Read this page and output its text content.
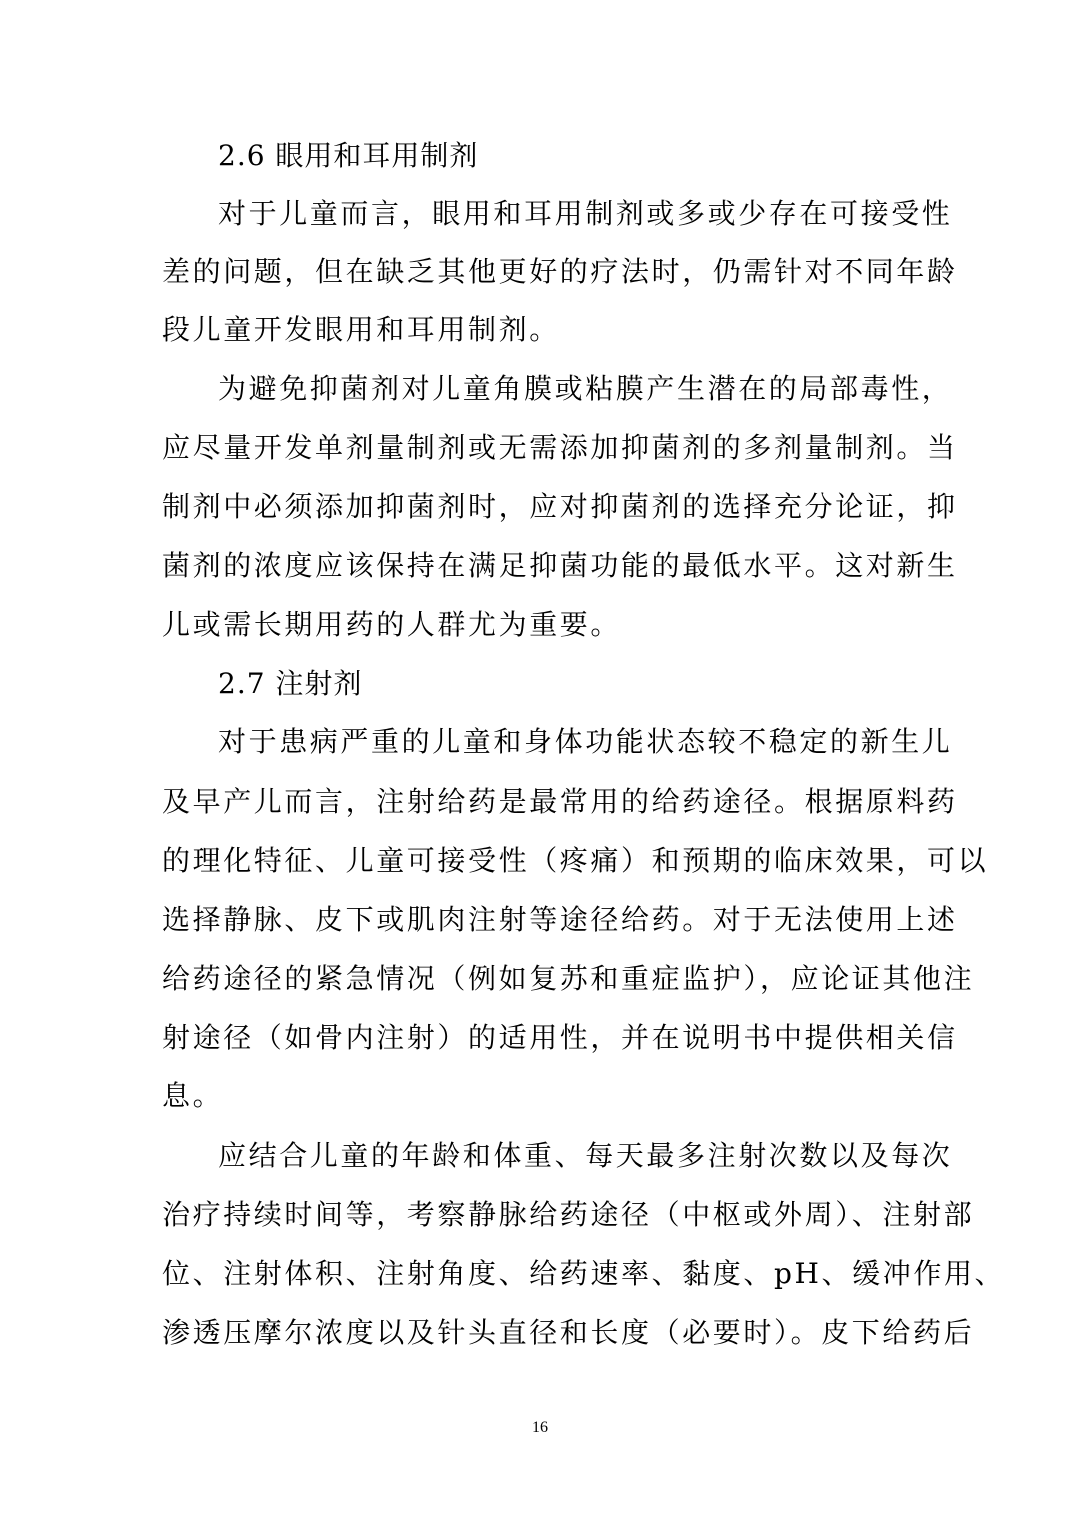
2.6 眼用和耳用制剂
对于儿童而言，眼用和耳用制剂或多或少存在可接受性
差的问题，但在缺乏其他更好的疗法时，仍需针对不同年龄
段儿童开发眼用和耳用制剂。
为避免抑菌剂对儿童角膜或粘膜产生潜在的局部毒性，
应尽量开发单剂量制剂或无需添加抑菌剂的多剂量制剂。当
制剂中必须添加抑菌剂时，应对抑菌剂的选择充分论证，抑
菌剂的浓度应该保持在满足抑菌功能的最低水平。这对新生
儿或需长期用药的人群尤为重要。
2.7 注射剂
对于患病严重的儿童和身体功能状态较不稳定的新生儿
及早产儿而言，注射给药是最常用的给药途径。根据原料药
的理化特征、儿童可接受性（疼痛）和预期的临床效果，可以
选择静脉、皮下或肌肉注射等途径给药。对于无法使用上述
给药途径的紧急情况（例如复苏和重症监护），应论证其他注
射途径（如骨内注射）的适用性，并在说明书中提供相关信
息。
应结合儿童的年龄和体重、每天最多注射次数以及每次
治疗持续时间等，考察静脉给药途径（中枢或外周）、注射部
位、注射体积、注射角度、给药速率、黏度、pH、缓冲作用、
渗透压摩尔浓度以及针头直径和长度（必要时）。皮下给药后
16
